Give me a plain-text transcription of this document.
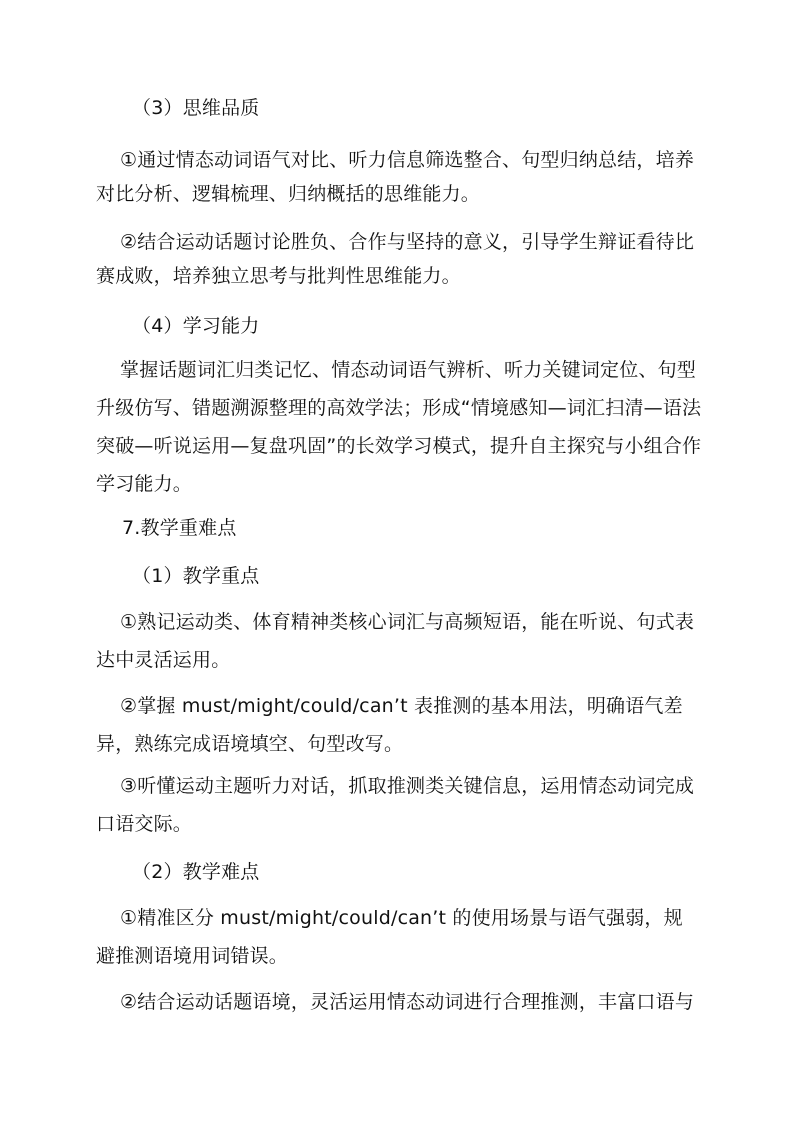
（3）思维品质
①通过情态动词语气对比、听力信息筛选整合、句型归纳总结，培养
对比分析、逻辑梳理、归纳概括的思维能力。
②结合运动话题讨论胜负、合作与坚持的意义，引导学生辩证看待比
赛成败，培养独立思考与批判性思维能力。
（4）学习能力
掌握话题词汇归类记忆、情态动词语气辨析、听力关键词定位、句型
升级仿写、错题溯源整理的高效学法；形成“情境感知—词汇扫清—语法
突破—听说运用—复盘巩固”的长效学习模式，提升自主探究与小组合作
学习能力。
7.教学重难点
（1）教学重点
①熟记运动类、体育精神类核心词汇与高频短语，能在听说、句式表
达中灵活运用。
②掌握 must/might/could/can’t 表推测的基本用法，明确语气差
异，熟练完成语境填空、句型改写。
③听懂运动主题听力对话，抓取推测类关键信息，运用情态动词完成
口语交际。
（2）教学难点
①精准区分 must/might/could/can’t 的使用场景与语气强弱，规
避推测语境用词错误。
②结合运动话题语境，灵活运用情态动词进行合理推测，丰富口语与
